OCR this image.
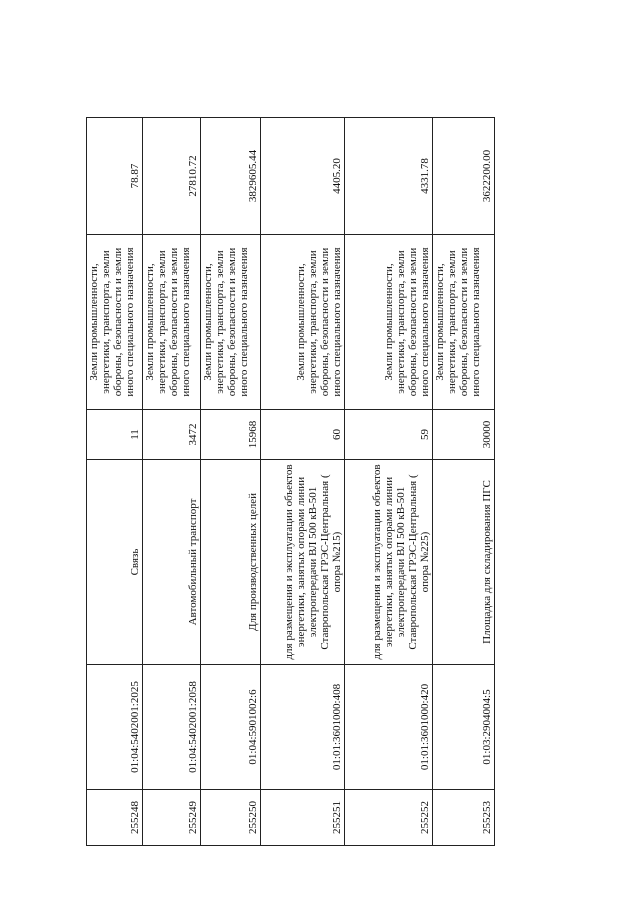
255248	01:04:5402001:2025	Связь	11	Земли промышленности, энергетики, транспорта, земли обороны, безопасности и земли иного специального назначения	78.87
255249	01:04:5402001:2058	Автомобильный транспорт	3472	Земли промышленности, энергетики, транспорта, земли обороны, безопасности и земли иного специального назначения	27810.72
255250	01:04:5901002:6	Для производственных целей	15968	Земли промышленности, энергетики, транспорта, земли обороны, безопасности и земли иного специального назначения	3829605.44
255251	01:01:3601000:408	для размещения и эксплуатации объектов энергетики, занятых опорами линии электропередачи ВЛ 500 кВ-501 Ставропольская ГРЭС-Центральная ( опора №215)	60	Земли промышленности, энергетики, транспорта, земли обороны, безопасности и земли иного специального назначения	4405.20
255252	01:01:3601000:420	для размещения и эксплуатации объектов энергетики, занятых опорами линии электропередачи ВЛ 500 кВ-501 Ставропольская ГРЭС-Центральная ( опора №225)	59	Земли промышленности, энергетики, транспорта, земли обороны, безопасности и земли иного специального назначения	4331.78
255253	01:03:2904004:5	Площадка для складирования ПГС	30000	Земли промышленности, энергетики, транспорта, земли обороны, безопасности и земли иного специального назначения	3622200.00
